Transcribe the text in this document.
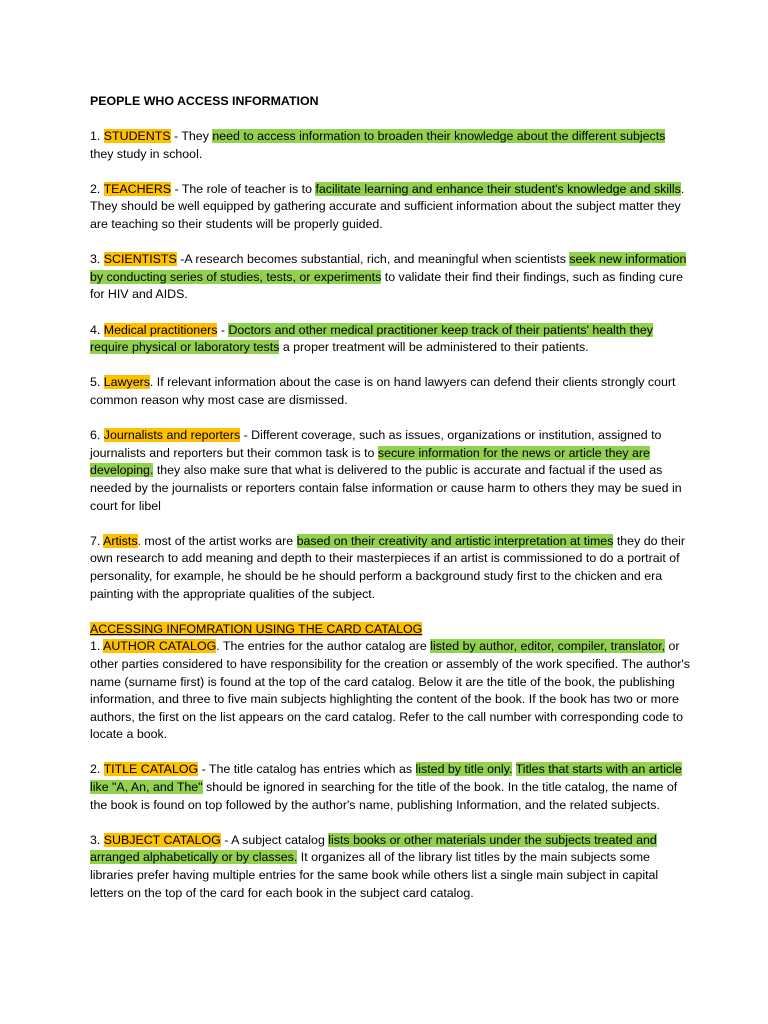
PEOPLE WHO ACCESS INFORMATION
1. STUDENTS - They need to access information to broaden their knowledge about the different subjects they study in school.
2. TEACHERS - The role of teacher is to facilitate learning and enhance their student's knowledge and skills. They should be well equipped by gathering accurate and sufficient information about the subject matter they are teaching so their students will be properly guided.
3. SCIENTISTS -A research becomes substantial, rich, and meaningful when scientists seek new information by conducting series of studies, tests, or experiments to validate their find their findings, such as finding cure for HIV and AIDS.
4. Medical practitioners - Doctors and other medical practitioner keep track of their patients' health they require physical or laboratory tests a proper treatment will be administered to their patients.
5. Lawyers. If relevant information about the case is on hand lawyers can defend their clients strongly court common reason why most case are dismissed.
6. Journalists and reporters - Different coverage, such as issues, organizations or institution, assigned to journalists and reporters but their common task is to secure information for the news or article they are developing. they also make sure that what is delivered to the public is accurate and factual if the used as needed by the journalists or reporters contain false information or cause harm to others they may be sued in court for libel
7. Artists. most of the artist works are based on their creativity and artistic interpretation at times they do their own research to add meaning and depth to their masterpieces if an artist is commissioned to do a portrait of personality, for example, he should be he should perform a background study first to the chicken and era painting with the appropriate qualities of the subject.
ACCESSING INFOMRATION USING THE CARD CATALOG
1. AUTHOR CATALOG. The entries for the author catalog are listed by author, editor, compiler, translator, or other parties considered to have responsibility for the creation or assembly of the work specified. The author's name (surname first) is found at the top of the card catalog. Below it are the title of the book, the publishing information, and three to five main subjects highlighting the content of the book. If the book has two or more authors, the first on the list appears on the card catalog. Refer to the call number with corresponding code to locate a book.
2. TITLE CATALOG - The title catalog has entries which as listed by title only. Titles that starts with an article like "A, An, and The" should be ignored in searching for the title of the book. In the title catalog, the name of the book is found on top followed by the author's name, publishing Information, and the related subjects.
3. SUBJECT CATALOG - A subject catalog lists books or other materials under the subjects treated and arranged alphabetically or by classes. It organizes all of the library list titles by the main subjects some libraries prefer having multiple entries for the same book while others list a single main subject in capital letters on the top of the card for each book in the subject card catalog.
